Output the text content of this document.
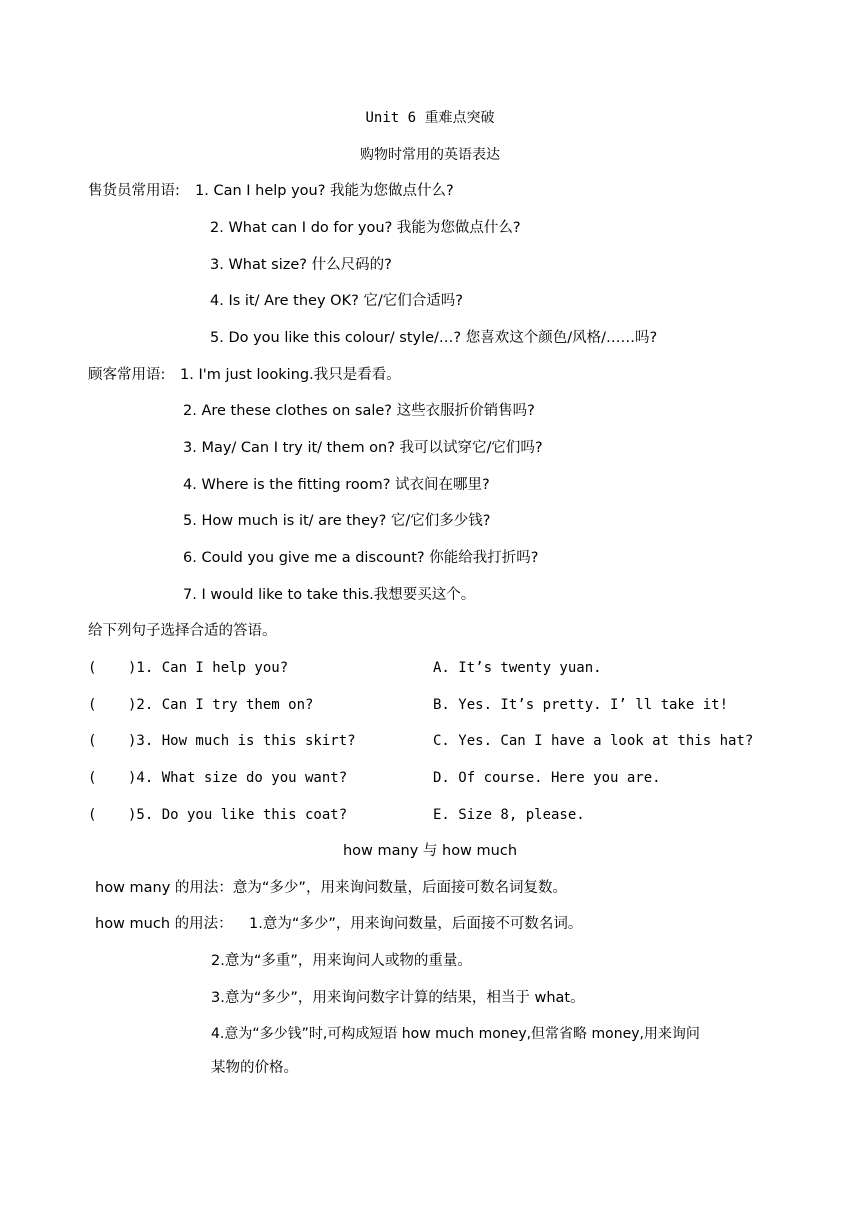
Unit 6 重难点突破
购物时常用的英语表达
售货员常用语: 1. Can I help you? 我能为您做点什么?
2. What can I do for you? 我能为您做点什么?
3. What size? 什么尺码的?
4. Is it/ Are they OK? 它/它们合适吗?
5. Do you like this colour/ style/…? 您喜欢这个颜色/风格/……吗?
顾客常用语: 1. I'm just looking.我只是看看。
2. Are these clothes on sale? 这些衣服折价销售吗?
3. May/ Can I try it/ them on? 我可以试穿它/它们吗?
4. Where is the fitting room? 试衣间在哪里?
5. How much is it/ are they? 它/它们多少钱?
6. Could you give me a discount? 你能给我打折吗?
7. I would like to take this.我想要买这个。
给下列句子选择合适的答语。
( )1. Can I help you?	A. It’s twenty yuan.
( )2. Can I try them on?	B. Yes. It’s pretty. I’ ll take it!
( )3. How much is this skirt?	C. Yes. Can I have a look at this hat?
( )4. What size do you want?	D. Of course. Here you are.
( )5. Do you like this coat?	E. Size 8, please.
how many 与 how much
how many 的用法：意为“多少”，用来询问数量，后面接可数名词复数。
how much 的用法： 1.意为“多少”，用来询问数量，后面接不可数名词。
2.意为“多重”，用来询问人或物的重量。
3.意为“多少”，用来询问数字计算的结果，相当于 what。
4.意为“多少钱”时,可构成短语 how much money,但常省略 money,用来询问
某物的价格。
